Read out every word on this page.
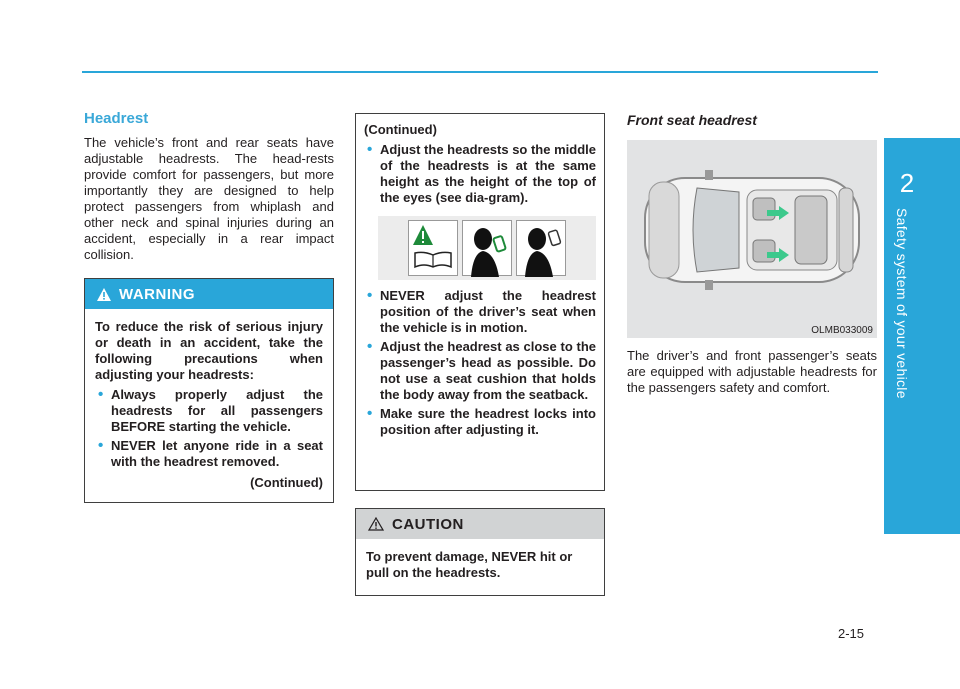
2
Safety system of your vehicle
Headrest

The vehicle’s front and rear seats have adjustable headrests. The head-rests provide comfort for passengers, but more importantly they are designed to help protect passengers from whiplash and other neck and spinal injuries during an accident, especially in a rear impact collision.

WARNING

To reduce the risk of serious injury or death in an accident, take the following precautions when adjusting your headrests:

• Always properly adjust the headrests for all passengers BEFORE starting the vehicle.
• NEVER let anyone ride in a seat with the headrest removed.
(Continued)
(Continued)
• Adjust the headrests so the middle of the headrests is at the same height as the height of the top of the eyes (see dia-gram).
• NEVER adjust the headrest position of the driver’s seat when the vehicle is in motion.
• Adjust the headrest as close to the passenger’s head as possible. Do not use a seat cushion that holds the body away from the seatback.
• Make sure the headrest locks into position after adjusting it.
CAUTION
To prevent damage, NEVER hit or pull on the headrests.
Front seat headrest
OLMB033009

The driver’s and front passenger’s seats are equipped with adjustable headrests for the passengers safety and comfort.

2-15
